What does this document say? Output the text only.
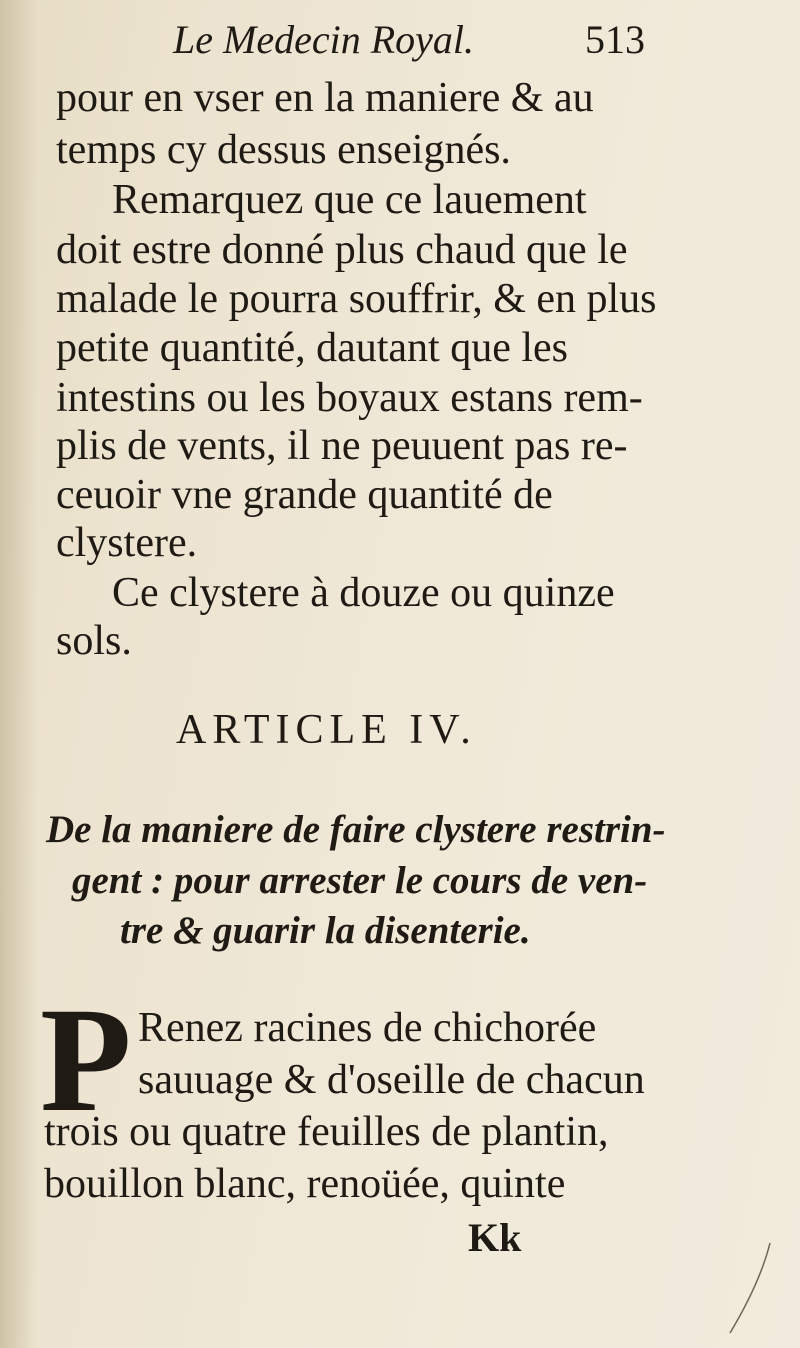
Le Medecin Royal.	513
pour en vser en la maniere & au
temps cy dessus enseignés.
Remarquez que ce lauement
doit estre donné plus chaud que le
malade le pourra souffrir, & en plus
petite quantité, dautant que les
intestins ou les boyaux estans rem-
plis de vents, il ne peuuent pas re-
ceuoir vne grande quantité de
clystere.
Ce clystere à douze ou quinze
sols.
ARTICLE IV.
De la maniere de faire clystere restrin-
gent : pour arrester le cours de ven-
tre & guarir la disenterie.
P Renez racines de chichorée
sauuage & d'oseille de chacun
trois ou quatre feuilles de plantin,
bouillon blanc, renoüée, quinte
Kk
